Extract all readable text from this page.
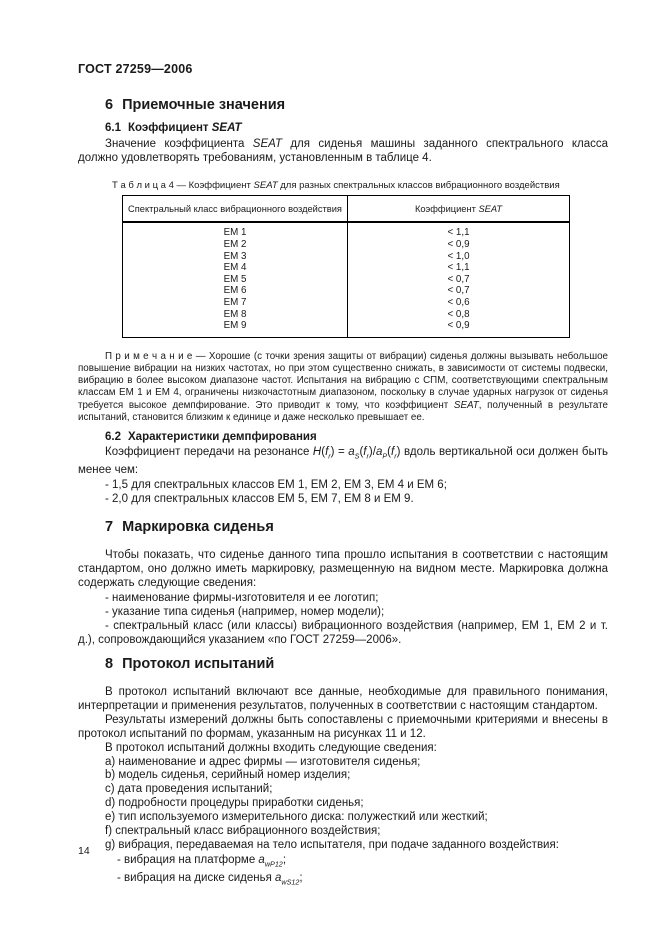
ГОСТ 27259—2006
6 Приемочные значения
6.1 Коэффициент SEAT

Значение коэффициента SEAT для сиденья машины заданного спектрального класса должно удовлетворять требованиям, установленным в таблице 4.

Т а б л и ц а 4 — Коэффициент SEAT для разных спектральных классов вибрационного воздействия
Спектральный класс вибрационного воздействия	Коэффициент
SEAT
ЕМ 1
ЕМ 2
ЕМ 3
ЕМ 4
ЕМ 5
ЕМ 6
ЕМ 7
ЕМ 8
ЕМ 9
< 1,1
< 0,9
< 1,0
< 1,1
< 0,7
< 0,7
< 0,6
< 0,8
< 0,9

П р и м е ч а н и е — Хорошие (с точки зрения защиты от вибрации) сиденья должны вызывать небольшое повышение вибрации на низких частотах, но при этом существенно снижать, в зависимости от системы подвески, вибрацию в более высоком диапазоне частот. Испытания на вибрацию с СПМ, соответствующими спектральным классам ЕМ 1 и ЕМ 4, ограничены низкочастотным диапазоном, поскольку в случае ударных нагрузок от сиденья требуется высокое демпфирование. Это приводит к тому, что коэффициент SEAT, полученный в результате испытаний, становится близким к единице и даже несколько превышает ее.

6.2 Характеристики демпфирования

Коэффициент передачи на резонансе $H(f_r) = a_S(f_r)/a_P(f_r)$ вдоль вертикальной оси должен быть менее чем:

- 1,5 для спектральных классов ЕМ 1, ЕМ 2, ЕМ 3, ЕМ 4 и ЕМ 6;
- 2,0 для спектральных классов ЕМ 5, ЕМ 7, ЕМ 8 и ЕМ 9.
7 Маркировка сиденья

Чтобы показать, что сиденье данного типа прошло испытания в соответствии с настоящим стандартом, оно должно иметь маркировку, размещенную на видном месте. Маркировка должна содержать следующие сведения:

- наименование фирмы-изготовителя и ее логотип;
- указание типа сиденья (например, номер модели);
- спектральный класс (или классы) вибрационного воздействия (например, ЕМ 1, ЕМ 2 и т. д.), сопровождающийся указанием «по ГОСТ 27259—2006».
8 Протокол испытаний

В протокол испытаний включают все данные, необходимые для правильного понимания, интерпретации и применения результатов, полученных в соответствии с настоящим стандартом.

Результаты измерений должны быть сопоставлены с приемочными критериями и внесены в протокол испытаний по формам, указанным на рисунках 11 и 12.

В протокол испытаний должны входить следующие сведения:

a) наименование и адрес фирмы — изготовителя сиденья;
b) модель сиденья, серийный номер изделия;
c) дата проведения испытаний;
d) подробности процедуры приработки сиденья;
e) тип используемого измерительного диска: полужесткий или жесткий;
f) спектральный класс вибрационного воздействия;
g) вибрация, передаваемая на тело испытателя, при подаче заданного воздействия:
- вибрация на платформе $a_{wP12}$;
- вибрация на диске сиденья $a_{wS12}$;
14
